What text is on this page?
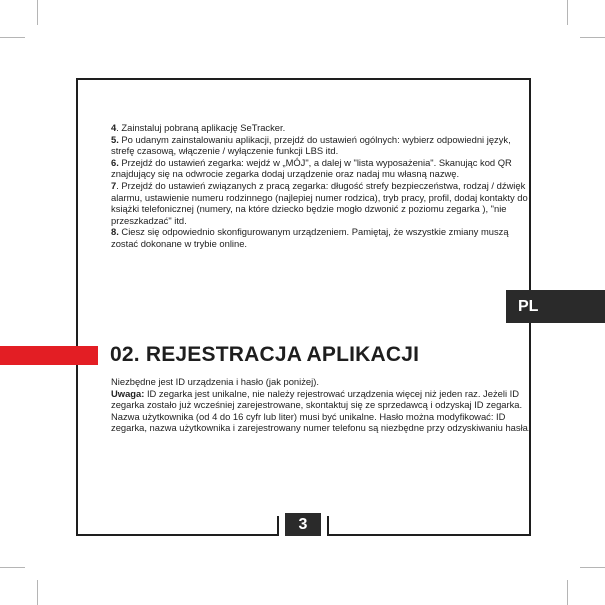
3
PL

4. Zainstaluj pobraną aplikację SeTracker.

5. Po udanym zainstalowaniu aplikacji, przejdź do ustawień ogólnych: wybierz odpowiedni język, strefę czasową, włączenie / wyłączenie funkcji LBS itd.

6. Przejdź do ustawień zegarka: wejdź w „MÓJ", a dalej w "lista wyposażenia". Skanując kod QR znajdujący się na odwrocie zegarka dodaj urządzenie oraz nadaj mu własną nazwę.

7. Przejdź do ustawień związanych z pracą zegarka: długość strefy bezpieczeństwa, rodzaj / dźwięk alarmu, ustawienie numeru rodzinnego (najlepiej numer rodzica), tryb pracy, profil, dodaj kontakty do książki telefonicznej (numery, na które dziecko będzie mogło dzwonić z poziomu zegarka ), "nie przeszkadzać" itd.

8. Ciesz się odpowiednio skonfigurowanym urządzeniem. Pamiętaj, że wszystkie zmiany muszą zostać dokonane w trybie online.

02. REJESTRACJA APLIKACJI

Niezbędne jest ID urządzenia i hasło (jak poniżej).

Uwaga: ID zegarka jest unikalne, nie należy rejestrować urządzenia więcej niż jeden raz. Jeżeli ID zegarka zostało już wcześniej zarejestrowane, skontaktuj się ze sprzedawcą i odzyskaj ID zegarka. Nazwa użytkownika (od 4 do 16 cyfr lub liter) musi być unikalne. Hasło można modyfikować: ID zegarka, nazwa użytkownika i zarejestrowany numer telefonu są niezbędne przy odzyskiwaniu hasła.
